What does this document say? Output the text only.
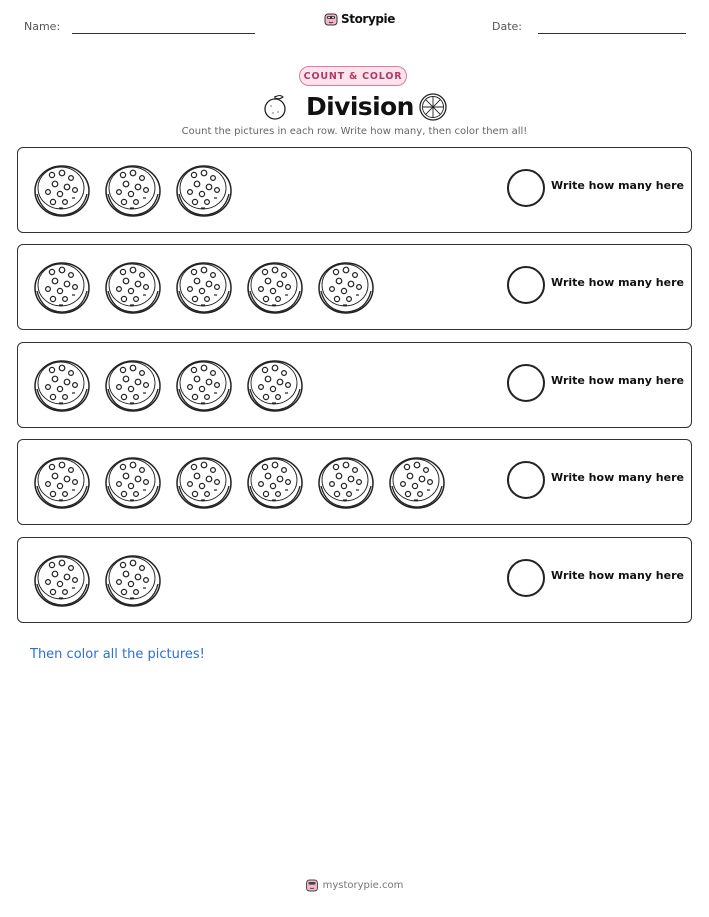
Name:
Storypie
Date:
COUNT & COLOR
Division
Count the pictures in each row. Write how many, then color them all!
Write how many here
Write how many here
Write how many here
Write how many here
Write how many here
Then color all the pictures!
mystorypie.com
